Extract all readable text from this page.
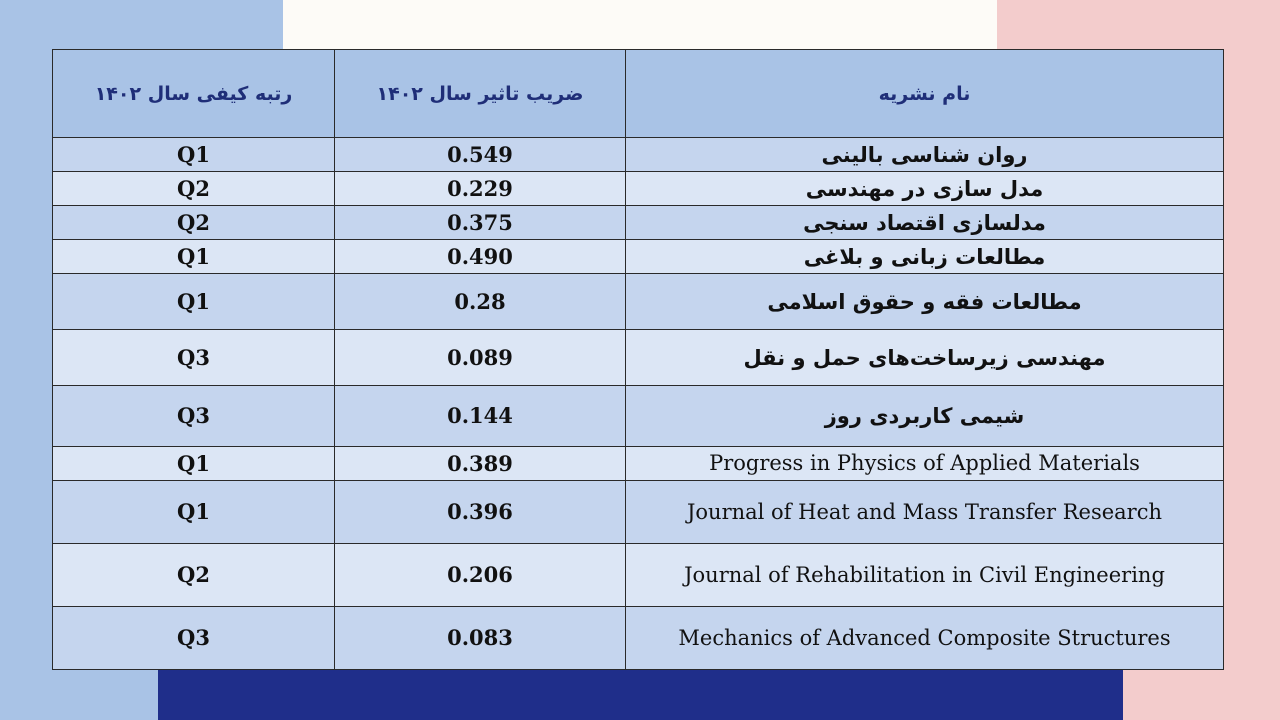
رتبه کیفی سال ۱۴۰۲	ضریب تاثیر سال ۱۴۰۲	نام نشریه
Q1	0.549	روان شناسی بالینی
Q2	0.229	مدل سازی در مهندسی
Q2	0.375	مدلسازی اقتصاد سنجی
Q1	0.490	مطالعات زبانی و بلاغی
Q1	0.28	مطالعات فقه و حقوق اسلامی
Q3	0.089	مهندسی زیرساخت‌های حمل و نقل
Q3	0.144	شیمی کاربردی روز
Q1	0.389	Progress in Physics of Applied Materials
Q1	0.396	Journal of Heat and Mass Transfer Research
Q2	0.206	Journal of Rehabilitation in Civil Engineering
Q3	0.083	Mechanics of Advanced Composite Structures
